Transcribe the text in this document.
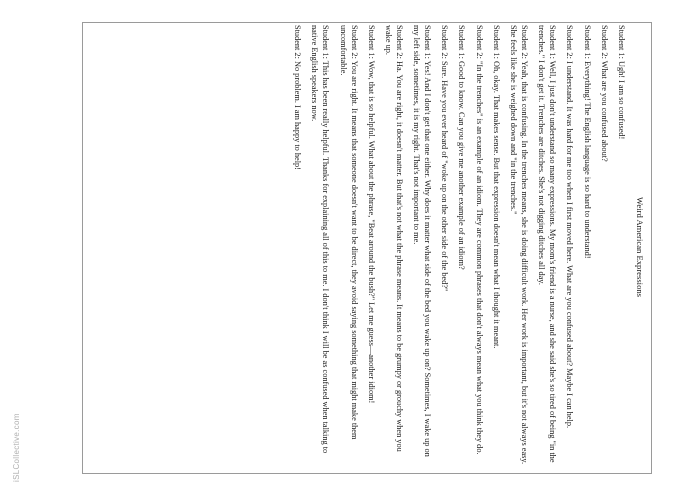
Weird American Expressions

Student 1: Ugh! I am so confused!

Student 2: What are you confused about?

Student 1: Everything! The English language is so hard to understand!

Student 2: I understand. It was hard for me too when I first moved here. What are you confused about? Maybe I can help.

Student 1: Well, I just don't understand so many expressions. My mom's friend is a nurse, and she said she's so tired of being "in the trenches." I don't get it. Trenches are ditches. She's not digging ditches all day.

Student 2: Yeah, that is confusing. In the trenches means, she is doing difficult work. Her work is important, but it's not always easy. She feels like she is weighed down and "in the trenches."

Student 1: Oh, okay. That makes sense. But that expression doesn't mean what I thought it meant.

Student 2: "In the trenches" is an example of an idiom. They are common phrases that don't always mean what you think they do.

Student 1: Good to know. Can you give me another example of an idiom?

Student 2: Sure. Have you ever heard of "woke up on the other side of the bed?"

Student 1: Yes! And I don't get that one either. Why does it matter what side of the bed you wake up on? Sometimes, I wake up on my left side, sometimes, it is my right. That's not important to me.

Student 2: Ha. You are right, it doesn't matter. But that's not what the phrase means. It means to be grumpy or grouchy when you wake up.

Student 1: Wow, that is so helpful. What about the phrase, "Beat around the bush?" Let me guess—another idiom!

Student 2: You are right. It means that someone doesn't want to be direct, they avoid saying something that might make them uncomfortable.

Student 1: This has been really helpful. Thanks for explaining all of this to me. I don't think I will be as confused when talking to native English speakers now.

Student 2: No problem. I am happy to help!

iSLCollective.com
